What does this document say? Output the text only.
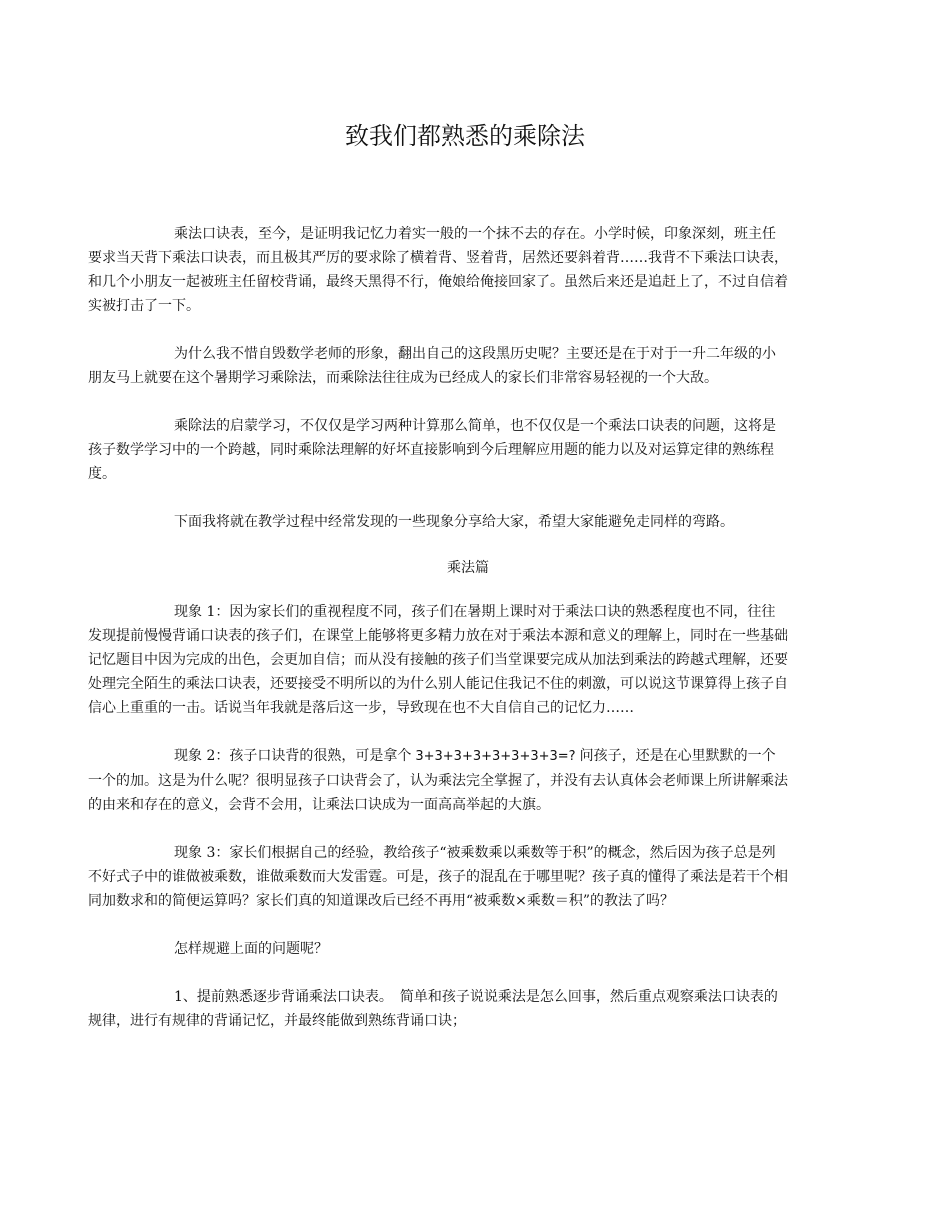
致我们都熟悉的乘除法

乘法口诀表，至今，是证明我记忆力着实一般的一个抹不去的存在。小学时候，印象深刻，班主任要求当天背下乘法口诀表，而且极其严厉的要求除了横着背、竖着背，居然还要斜着背……我背不下乘法口诀表，和几个小朋友一起被班主任留校背诵，最终天黑得不行，俺娘给俺接回家了。虽然后来还是追赶上了，不过自信着实被打击了一下。

为什么我不惜自毁数学老师的形象，翻出自己的这段黑历史呢？主要还是在于对于一升二年级的小朋友马上就要在这个暑期学习乘除法，而乘除法往往成为已经成人的家长们非常容易轻视的一个大敌。

乘除法的启蒙学习，不仅仅是学习两种计算那么简单，也不仅仅是一个乘法口诀表的问题，这将是孩子数学学习中的一个跨越，同时乘除法理解的好坏直接影响到今后理解应用题的能力以及对运算定律的熟练程度。

下面我将就在教学过程中经常发现的一些现象分享给大家，希望大家能避免走同样的弯路。

乘法篇

现象 1：因为家长们的重视程度不同，孩子们在暑期上课时对于乘法口诀的熟悉程度也不同，往往发现提前慢慢背诵口诀表的孩子们，在课堂上能够将更多精力放在对于乘法本源和意义的理解上，同时在一些基础记忆题目中因为完成的出色，会更加自信；而从没有接触的孩子们当堂课要完成从加法到乘法的跨越式理解，还要处理完全陌生的乘法口诀表，还要接受不明所以的为什么别人能记住我记不住的刺激，可以说这节课算得上孩子自信心上重重的一击。话说当年我就是落后这一步，导致现在也不大自信自己的记忆力……

现象 2：孩子口诀背的很熟，可是拿个 3+3+3+3+3+3+3+3=? 问孩子，还是在心里默默的一个一个的加。这是为什么呢？很明显孩子口诀背会了，认为乘法完全掌握了，并没有去认真体会老师课上所讲解乘法的由来和存在的意义，会背不会用，让乘法口诀成为一面高高举起的大旗。

现象 3：家长们根据自己的经验，教给孩子“被乘数乘以乘数等于积”的概念，然后因为孩子总是列不好式子中的谁做被乘数，谁做乘数而大发雷霆。可是，孩子的混乱在于哪里呢？孩子真的懂得了乘法是若干个相同加数求和的简便运算吗？家长们真的知道课改后已经不再用“被乘数×乘数＝积”的教法了吗？

怎样规避上面的问题呢？

1、提前熟悉逐步背诵乘法口诀表。　简单和孩子说说乘法是怎么回事，然后重点观察乘法口诀表的规律，进行有规律的背诵记忆，并最终能做到熟练背诵口诀；
